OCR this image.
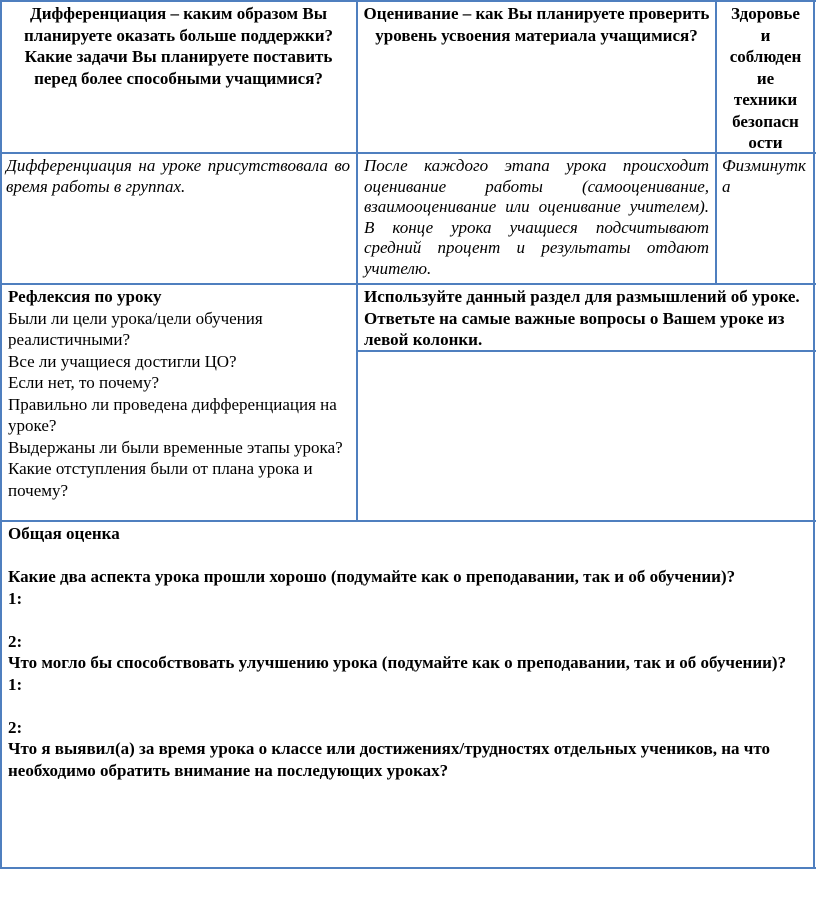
Дифференциация – каким образом Вы планируете оказать больше поддержки? Какие задачи Вы планируете поставить перед более способными учащимися?

Оценивание – как Вы планируете проверить уровень усвоения материала учащимися?

Здоровье

и

соблюден

ие

техники

безопасн

ости

Дифференциация на уроке присутствовала во время работы в группах.

После каждого этапа урока происходит оценивание работы (самооценивание, взаимооценивание или оценивание учителем). В конце урока учащиеся подсчитывают средний процент и результаты отдают учителю.

Физминутка

Рефлексия по уроку

Были ли цели урока/цели обучения реалистичными?

Все ли учащиеся достигли ЦО?

Если нет, то почему?

Правильно ли проведена дифференциация на уроке?

Выдержаны ли были временные этапы урока?

Какие отступления были от плана урока и почему?

Используйте данный раздел для размышлений об уроке. Ответьте на самые важные вопросы о Вашем уроке из левой колонки.

Общая оценка

Какие два аспекта урока прошли хорошо (подумайте как о преподавании, так и об обучении)?

1:

2:

Что могло бы способствовать улучшению урока (подумайте как о преподавании, так и об обучении)?

1:

2:

Что я выявил(а) за время урока о классе или достижениях/трудностях отдельных учеников, на что необходимо обратить внимание на последующих уроках?
